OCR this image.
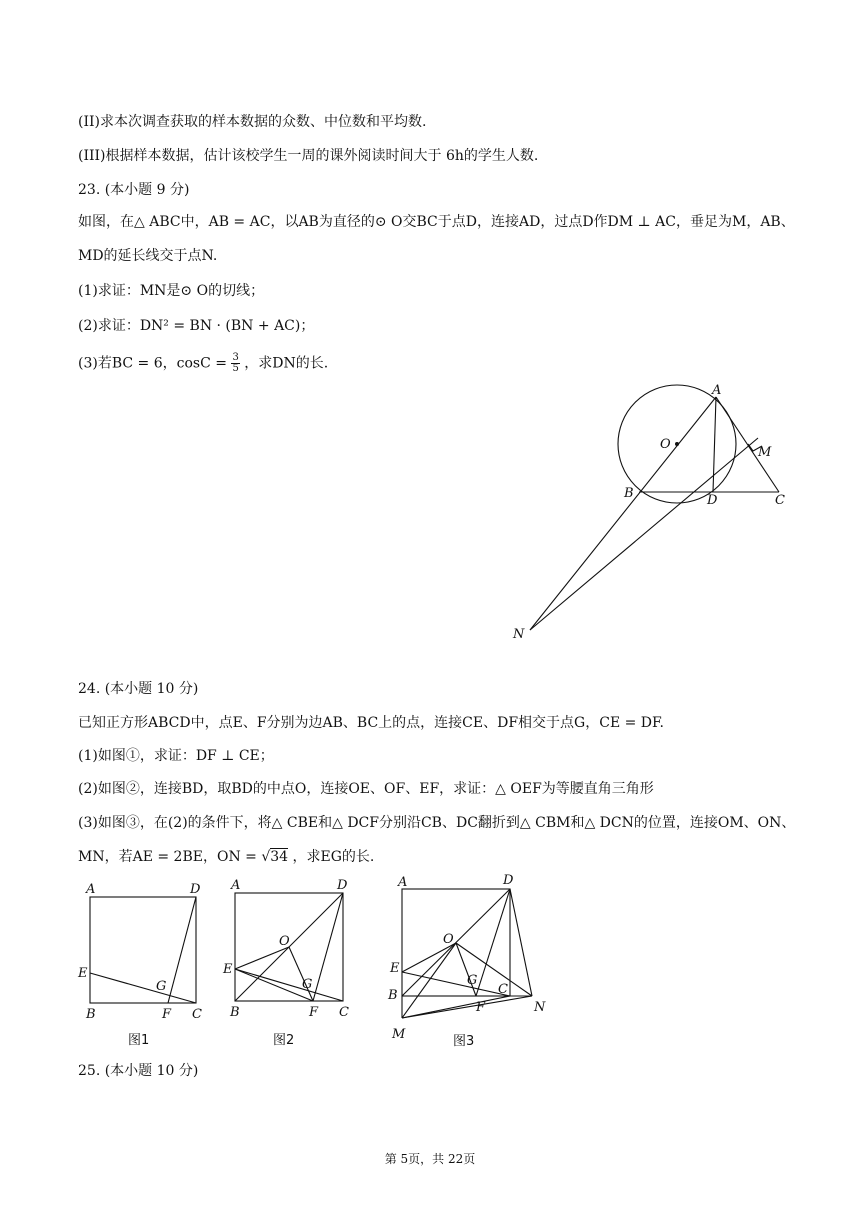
(II)求本次调查获取的样本数据的众数、中位数和平均数.
(III)根据样本数据，估计该校学生一周的课外阅读时间大于 6h的学生人数.
23. (本小题 9 分)
如图，在△ ABC中，AB = AC，以AB为直径的⊙ O交BC于点D，连接AD，过点D作DM ⊥ AC，垂足为M，AB、
MD的延长线交于点N.
(1)求证：MN是⊙ O的切线；
(2)求证：DN² = BN · (BN + AC)；
(3)若BC = 6，$\cos C = \frac{3}{5}$ ，求DN的长.
A
O
M
B	D	C
N
24. (本小题 10 分)
已知正方形ABCD中，点E、F分别为边AB、BC上的点，连接CE、DF相交于点G，CE = DF.
(1)如图①，求证：DF ⊥ CE；
(2)如图②，连接BD，取BD的中点O，连接OE、OF、EF，求证：△ OEF为等腰直角三角形
(3)如图③，在(2)的条件下，将△ CBE和△ DCF分别沿CB、DC翻折到△ CBM和△ DCN的位置，连接OM、ON、
MN，若AE = 2BE，ON = √34 ，求EG的长.
A	D
E
G
B	F C
图1
A	D
O
E
G
B	F C
图2
A	D
O
E
G
B
F
C
N
M	图3
25. (本小题 10 分)
第 5页，共 22页
